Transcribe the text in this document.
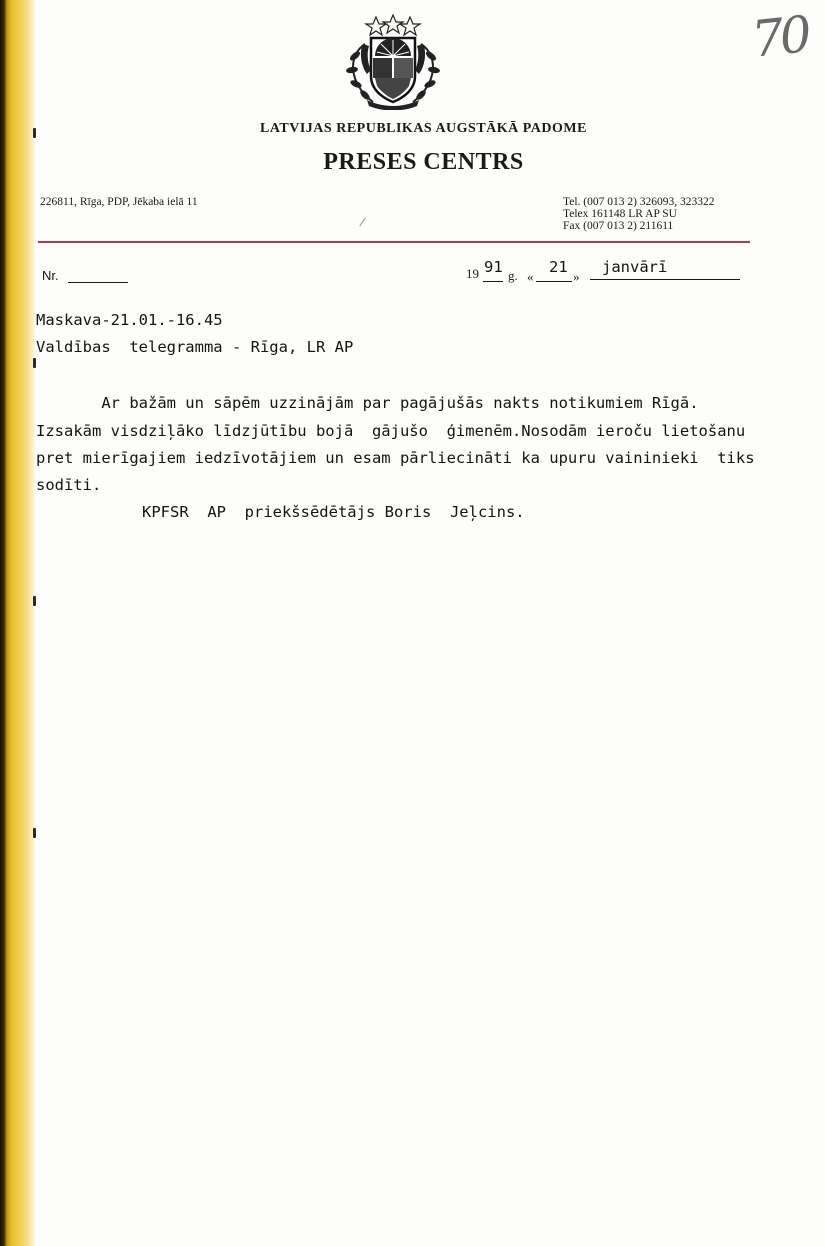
70
LATVIJAS REPUBLIKAS AUGSTĀKĀ PADOME
PRESES CENTRS
226811, Rīga, PDP, Jēkaba ielā 11	Tel. (007 013 2) 326093, 323322
Telex 161148 LR AP SU
Fax (007 013 2) 211611
Nr.	19 91 g. «
21
»
janvārī
Maskava-21.01.-16.45
Valdības  telegramma - Rīga, LR AP
Ar bažām un sāpēm uzzinājām par pagājušās nakts notikumiem Rīgā.
Izsakām visdziļāko līdzjūtību bojā  gājušo  ģimenēm.Nosodām ieroču lietošanu
pret mierīgajiem iedzīvotājiem un esam pārliecināti ka upuru vaininieki  tiks
sodīti.
KPFSR  AP  priekšsēdētājs Boris  Jeļcins.
